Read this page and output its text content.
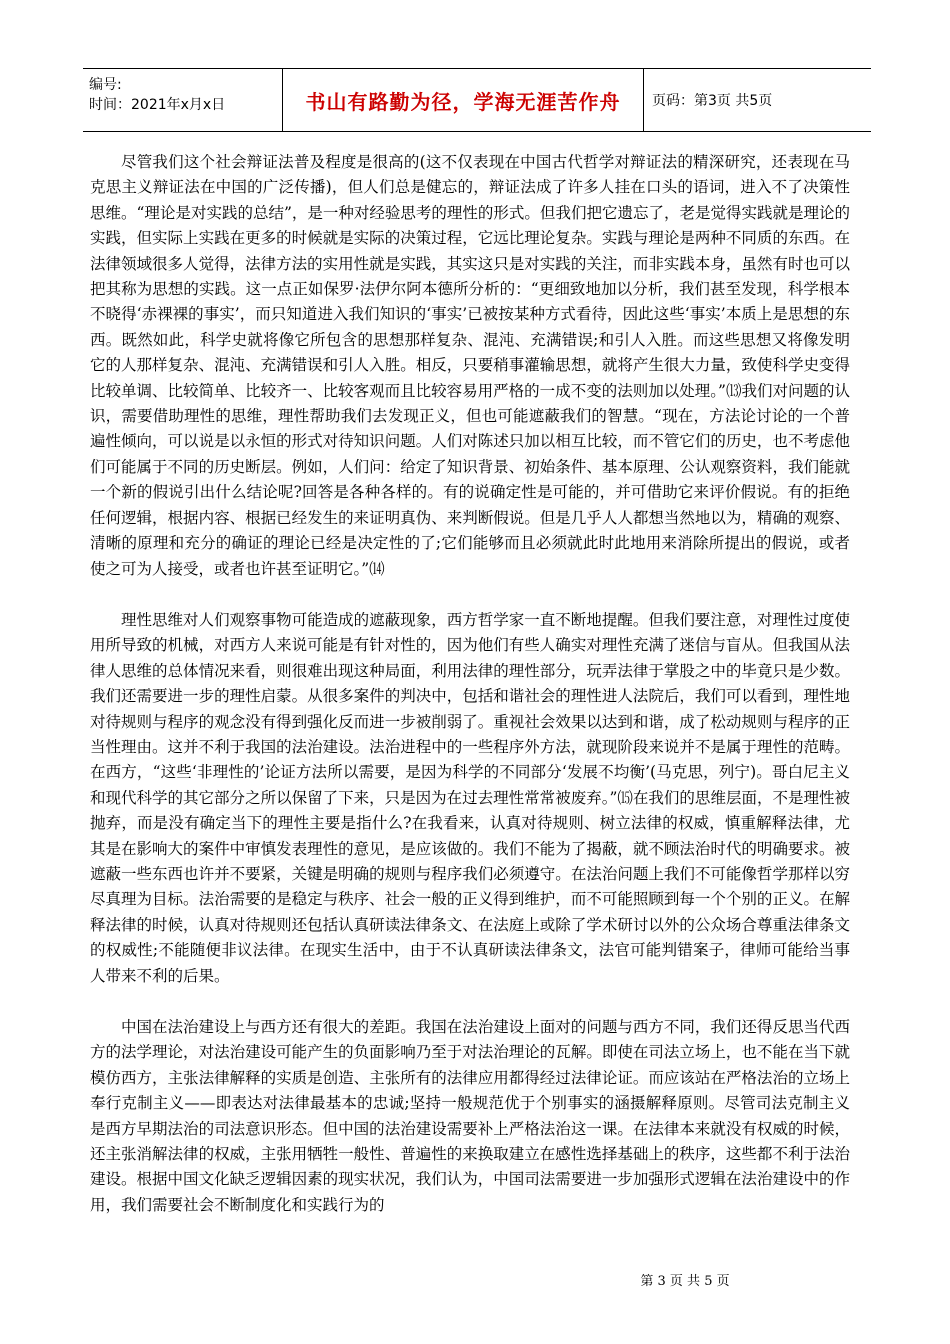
编号:
时间：2021年x月x日	书山有路勤为径，学海无涯苦作舟	页码：第3页 共5页

尽管我们这个社会辩证法普及程度是很高的(这不仅表现在中国古代哲学对辩证法的精深研究，还表现在马克思主义辩证法在中国的广泛传播)，但人们总是健忘的，辩证法成了许多人挂在口头的语词，进入不了决策性思维。“理论是对实践的总结”，是一种对经验思考的理性的形式。但我们把它遗忘了，老是觉得实践就是理论的实践，但实际上实践在更多的时候就是实际的决策过程，它远比理论复杂。实践与理论是两种不同质的东西。在法律领域很多人觉得，法律方法的实用性就是实践，其实这只是对实践的关注，而非实践本身，虽然有时也可以把其称为思想的实践。这一点正如保罗·法伊尔阿本德所分析的：“更细致地加以分析，我们甚至发现，科学根本不晓得‘赤裸裸的事实’，而只知道进入我们知识的‘事实’已被按某种方式看待，因此这些‘事实’本质上是思想的东西。既然如此，科学史就将像它所包含的思想那样复杂、混沌、充满错误;和引人入胜。而这些思想又将像发明它的人那样复杂、混沌、充满错误和引人入胜。相反，只要稍事灌输思想，就将产生很大力量，致使科学史变得比较单调、比较简单、比较齐一、比较客观而且比较容易用严格的一成不变的法则加以处理。”⒀我们对问题的认识，需要借助理性的思维，理性帮助我们去发现正义，但也可能遮蔽我们的智慧。“现在，方法论讨论的一个普遍性倾向，可以说是以永恒的形式对待知识问题。人们对陈述只加以相互比较，而不管它们的历史，也不考虑他们可能属于不同的历史断层。例如，人们问：给定了知识背景、初始条件、基本原理、公认观察资料，我们能就一个新的假说引出什么结论呢?回答是各种各样的。有的说确定性是可能的，并可借助它来评价假说。有的拒绝任何逻辑，根据内容、根据已经发生的来证明真伪、来判断假说。但是几乎人人都想当然地以为，精确的观察、清晰的原理和充分的确证的理论已经是决定性的了;它们能够而且必须就此时此地用来消除所提出的假说，或者使之可为人接受，或者也许甚至证明它。”⒁

理性思维对人们观察事物可能造成的遮蔽现象，西方哲学家一直不断地提醒。但我们要注意，对理性过度使用所导致的机械，对西方人来说可能是有针对性的，因为他们有些人确实对理性充满了迷信与盲从。但我国从法律人思维的总体情况来看，则很难出现这种局面，利用法律的理性部分，玩弄法律于掌股之中的毕竟只是少数。我们还需要进一步的理性启蒙。从很多案件的判决中，包括和谐社会的理性进人法院后，我们可以看到，理性地对待规则与程序的观念没有得到强化反而进一步被削弱了。重视社会效果以达到和谐，成了松动规则与程序的正当性理由。这并不利于我国的法治建设。法治进程中的一些程序外方法，就现阶段来说并不是属于理性的范畴。在西方，“这些‘非理性的’论证方法所以需要，是因为科学的不同部分‘发展不均衡’(马克思，列宁)。哥白尼主义和现代科学的其它部分之所以保留了下来，只是因为在过去理性常常被废弃。”⒂在我们的思维层面，不是理性被抛弃，而是没有确定当下的理性主要是指什么?在我看来，认真对待规则、树立法律的权威，慎重解释法律，尤其是在影响大的案件中审慎发表理性的意见，是应该做的。我们不能为了揭蔽，就不顾法治时代的明确要求。被遮蔽一些东西也许并不要紧，关键是明确的规则与程序我们必须遵守。在法治问题上我们不可能像哲学那样以穷尽真理为目标。法治需要的是稳定与秩序、社会一般的正义得到维护，而不可能照顾到每一个个别的正义。在解释法律的时候，认真对待规则还包括认真研读法律条文、在法庭上或除了学术研讨以外的公众场合尊重法律条文的权威性;不能随便非议法律。在现实生活中，由于不认真研读法律条文，法官可能判错案子，律师可能给当事人带来不利的后果。

中国在法治建设上与西方还有很大的差距。我国在法治建设上面对的问题与西方不同，我们还得反思当代西方的法学理论，对法治建设可能产生的负面影响乃至于对法治理论的瓦解。即使在司法立场上，也不能在当下就模仿西方，主张法律解释的实质是创造、主张所有的法律应用都得经过法律论证。而应该站在严格法治的立场上奉行克制主义——即表达对法律最基本的忠诚;坚持一般规范优于个别事实的涵摄解释原则。尽管司法克制主义是西方早期法治的司法意识形态。但中国的法治建设需要补上严格法治这一课。在法律本来就没有权威的时候，还主张消解法律的权威，主张用牺牲一般性、普遍性的来换取建立在感性选择基础上的秩序，这些都不利于法治建设。根据中国文化缺乏逻辑因素的现实状况，我们认为，中国司法需要进一步加强形式逻辑在法治建设中的作用，我们需要社会不断制度化和实践行为的

第 3 页 共 5 页
